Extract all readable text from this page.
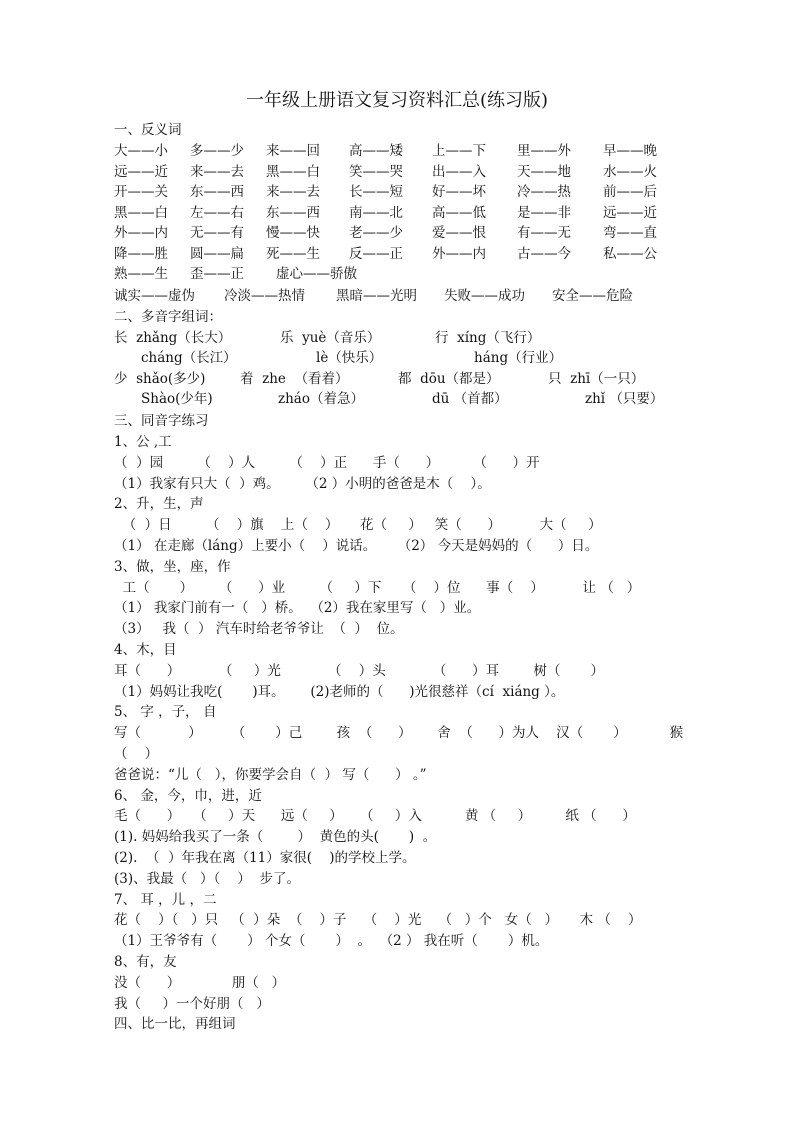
一年级上册语文复习资料汇总(练习版)
一、反义词
大——小 多——少 来——回 高——矮 上——下 里——外 早——晚
远——近 来——去 黑——白 笑——哭 出——入 天——地 水——火
开——关 东——西 来——去 长——短 好——坏 冷——热 前——后
黑——白 左——右 东——西 南——北 高——低 是——非 远——近
外——内 无——有 慢——快 老——少 爱——恨 有——无 弯——直
降——胜 圆——扁 死——生 反——正 外——内 古——今 私——公
熟——生 歪——正 虚心——骄傲
诚实——虚伪 冷淡——热情 黑暗——光明 失败——成功 安全——危险
二、多音字组词：
长  zhǎng（长大）	乐  yuè（音乐）	行  xíng（飞行）
cháng（长江）	lè（快乐）	háng（行业）
少  shǎo(多少)	着  zhe  （看着）	都  dōu（都是）	只  zhī（一只）
Shào(少年)	zháo（着急）	dū （首都）	zhǐ （只要）
三、同音字练习
1、公 ,工
（  ）园        （    ）人        （    ）正      手（      ）        （      ）开
（1）我家有只大（  ）鸡。      （2 ）小明的爸爸是木（    ）。
2、升，生，声
（  ）日        （    ）旗    上（    ）     花（     ）   笑（      ）         大（     ）
（1） 在走廊（láng）上要小（    ）说话。     （2） 今天是妈妈的（      ）日。
3、做，坐，座，作
工（       ）      （      ）业        （     ）下     （    ）位      事（    ）         让 （   ）
（1） 我家门前有一（   ）桥。  （2）我在家里写（   ）业。
（3）   我（  ） 汽车时给老爷爷让  （  ）  位。
4、木，目
耳（      ）         （     ）光           （    ）头           （      ）耳        树（       ）
（1）妈妈让我吃(       )耳。      (2)老师的（      )光很慈祥（cí  xiáng ）。
5、 字 ，子， 自
写（           ）       （       ）己        孩  （      ）      舍  （      ）为人    汉（       ）          猴
（    ）
爸爸说：“儿（   ），你要学会自（  ） 写（      ） 。”
6、 金，今，巾，进，近
毛（      ）   （     ）天      远（     ）    （     ）入          黄 （     ）        纸 （      ）
(1). 妈妈给我买了一条（        ）  黄色的头(       )  。
(2).  （  ）年我在离（11）家很(    )的学校上学。
(3)、我最（   ）（    ）  步了。
7、 耳 ，儿 ，二
花（    ）（   ）只   （  ）朵  （    ）子    （    ）光    （   ）个   女（   ）     木 （    ）
（1）王爷爷有（       ） 个女（       ）  。  （2 ） 我在听（       ）机。
8、有，友
没（      ）            朋（   ）
我（     ）一个好朋（   ）
四、比一比，再组词
